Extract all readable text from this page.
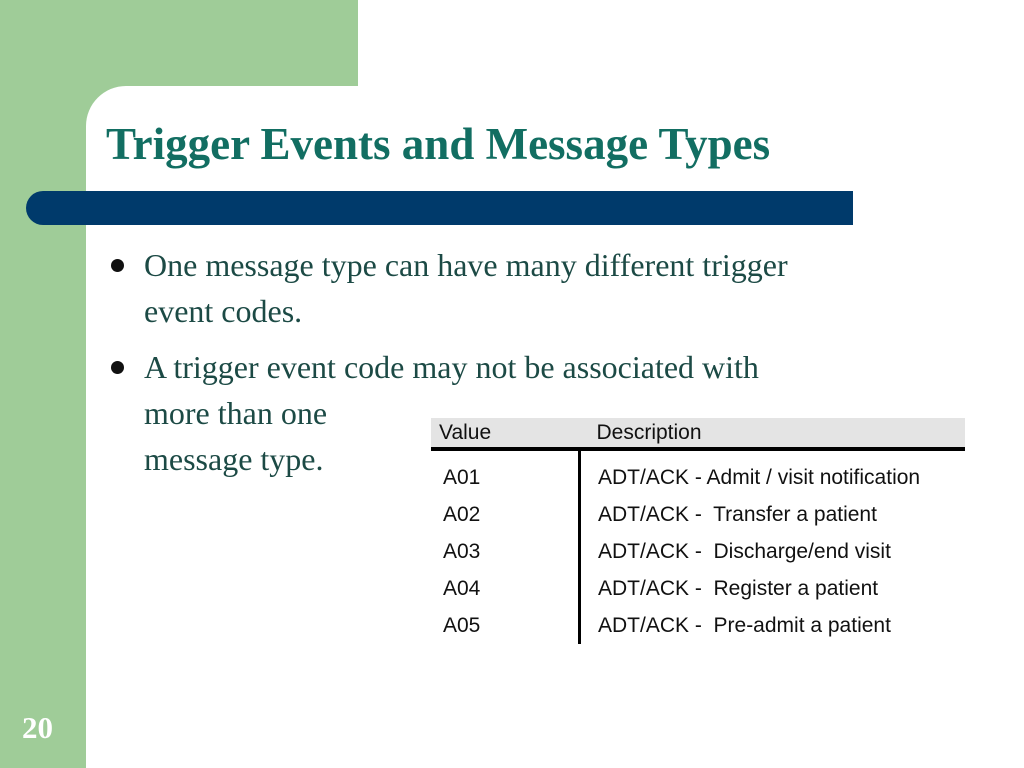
Trigger Events and Message Types
One message type can have many different trigger
event codes.
A trigger event code may not be associated with
more than one
message type.
Value	Description
A01	ADT/ACK - Admit / visit notification
A02	ADT/ACK -  Transfer a patient
A03	ADT/ACK -  Discharge/end visit
A04	ADT/ACK -  Register a patient
A05	ADT/ACK -  Pre-admit a patient
20
